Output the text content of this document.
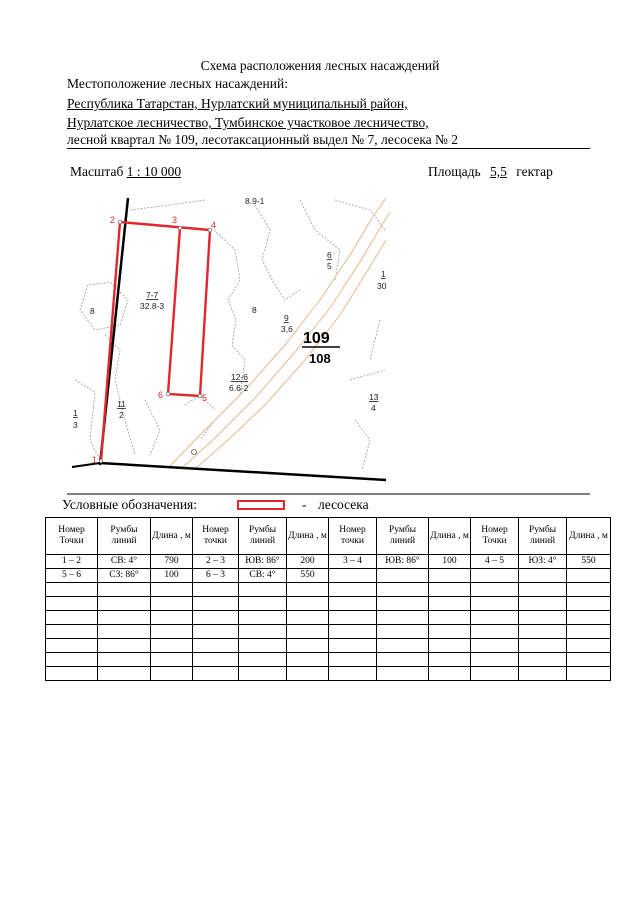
Схема расположения лесных насаждений
Местоположение лесных насаждений:
Республика Татарстан, Нурлатский муниципальный район,
Нурлатское лесничество, Тумбинское участковое лесничество,
лесной квартал № 109, лесотаксационный выдел № 7, лесосека № 2
Масштаб 1 : 10 000	Площадь 5,5 гектар
8.9-1
1
2	3	4
5
6
7-7
32.8-3
8	8
6
5
9
3,6
1
30
109
108
12-6
6.6-2
11
2
1
3
13
4
Условные обозначения:	- лесосека
Номер Точки	Румбы линий	Длина , м	Номер точки	Румбы линий	Длина , м	Номер точки	Румбы линий	Длина , м	Номер Точки	Румбы линий	Длина , м
1 – 2	СВ: 4°	790	2 – 3	ЮВ: 86°	200	3 – 4	ЮВ: 86°	100	4 – 5	ЮЗ: 4°	550
5 – 6	СЗ: 86°	100	6 – 3	СВ: 4°	550						
